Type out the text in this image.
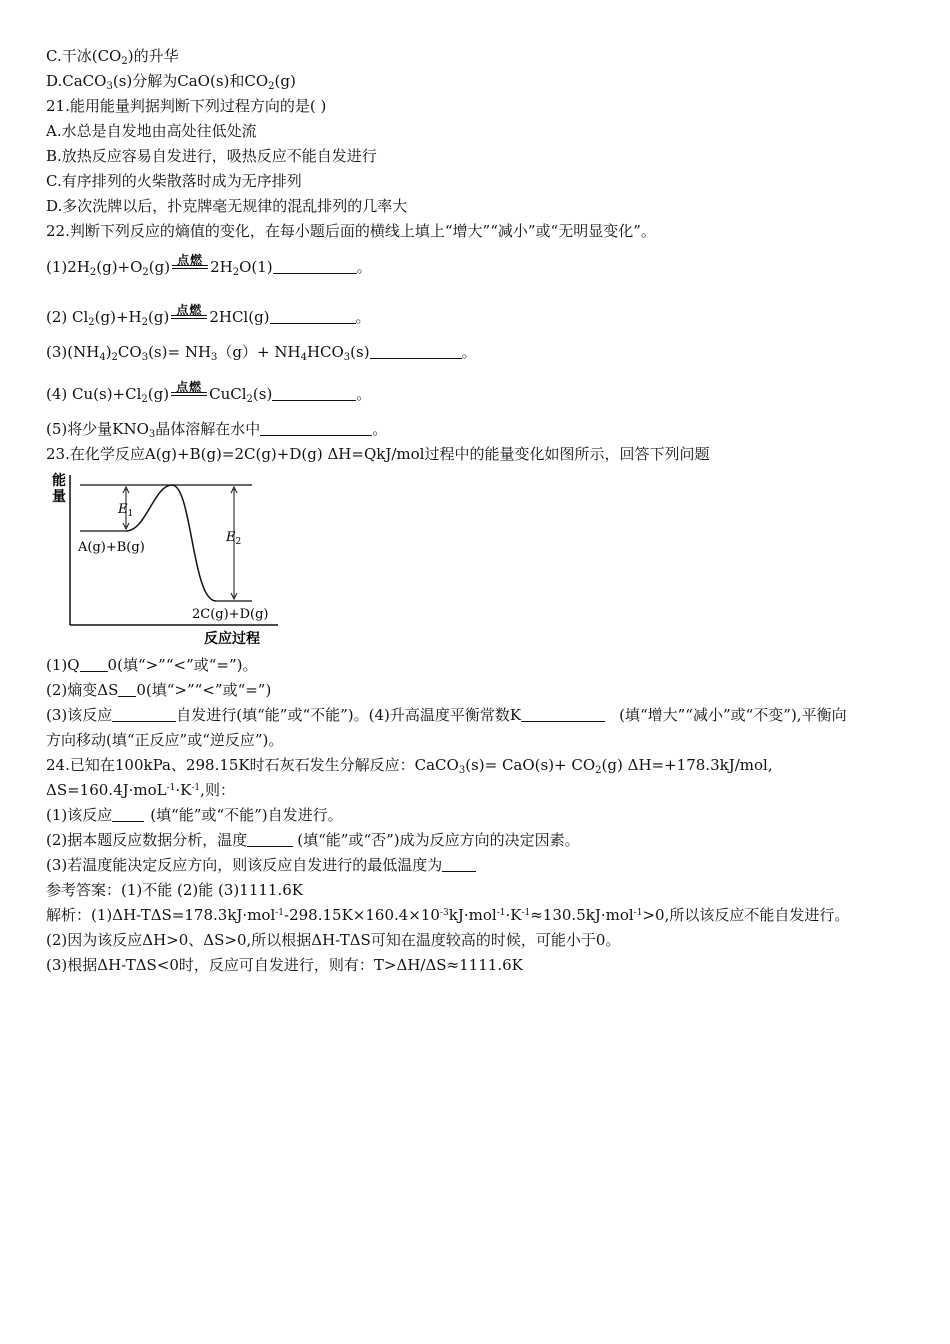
C.干冰$(CO_2)$的升华
D.CaCO$_3$(s)分解为CaO(s)和$CO_2(g)$
21.能用能量判据判断下列过程方向的是( )
A.水总是自发地由高处往低处流
B.放热反应容易自发进行，吸热反应不能自发进行
C.有序排列的火柴散落时成为无序排列
D.多次洗牌以后，扑克牌毫无规律的混乱排列的几率大
22.判断下列反应的熵值的变化，在每小题后面的横线上填上“增大”“减小”或“无明显变化”。
$(1)2H_2(g)+O_2(g)$ 点燃 $2H_2O(1)$	。
(2) $Cl_2(g)+H_2(g)$ 点燃 2HCl(g)	。
$(3)(NH_4)_2CO_3(s)= NH_3(g)+ NH_4HCO_3(s)$	。
(4) $Cu(s)+Cl_2(g)$ 点燃 CuCl$_2$(s)	。
(5)将少量$KNO_3$晶体溶解在水中	。
23.在化学反应A(g)+B(g)=2C(g)+D(g) ΔH=QkJ/mol过程中的能量变化如图所示，回答下列问题
能
量
$E_1$
$E_2$
A(g)+B(g)
2C(g)+D(g)
反应过程
(1)Q 0(填“>”“<”或“=”)。
(2)熵变ΔS 0(填“>”“<”或“=”)
(3)该反应	自发进行(填“能”或“不能”)。(4)升高温度平衡常数K	(填“增大”“减小”或“不变”),平衡向
方向移动(填“正反应”或“逆反应”)。
24.已知在100kPa、298.15K时石灰石发生分解反应：CaCO$_3$(s)= $CaO(s)+ CO_2(g)$ ΔH=+178.3kJ/mol,
$\Delta S=160.4J\cdot moL^{-1}\cdot K^{-1}$,则：
(1)该反应	(填“能”或“不能”)自发进行。
(2)据本题反应数据分析，温度	(填“能”或“否”)成为反应方向的决定因素。
(3)若温度能决定反应方向，则该反应自发进行的最低温度为
参考答案：(1)不能 (2)能 (3)1111.6K
解析：$(1)\Delta H-T\Delta S=178.3kJ\cdot mol^{-1}-298.15K\times 160.4\times 10^{-3}kJ\cdot mol^{-1}\cdot K^{-1}\approx 130.5kJ\cdot mol^{-1}>0$,所以该反应不能自发进行。
(2)因为该反应ΔH>0、ΔS>0,所以根据ΔH-TΔS可知在温度较高的时候，可能小于0。
(3)根据ΔH-TΔS<0时，反应可自发进行，则有：T>ΔH/ΔS≈1111.6K
